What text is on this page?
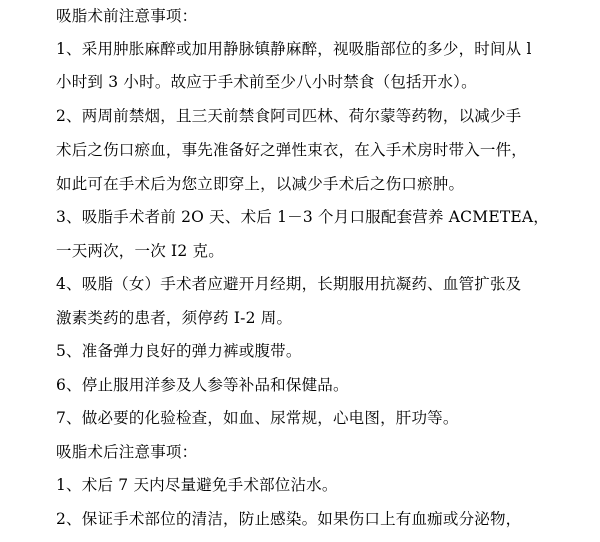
吸脂术前注意事项：
1、采用肿胀麻醉或加用静脉镇静麻醉，视吸脂部位的多少，时间从 l
小时到 3 小时。故应于手术前至少八小时禁食（包括开水）。
2、两周前禁烟，且三天前禁食阿司匹林、荷尔蒙等药物，以减少手
术后之伤口瘀血，事先准备好之弹性束衣，在入手术房时带入一件，
如此可在手术后为您立即穿上，以减少手术后之伤口瘀肿。
3、吸脂手术者前 2O 天、术后 1－3 个月口服配套营养 ACMETEA，
一天两次，一次 I2 克。
4、吸脂（女）手术者应避开月经期，长期服用抗凝药、血管扩张及
激素类药的患者，须停药 I-2 周。
5、准备弹力良好的弹力裤或腹带。
6、停止服用洋参及人参等补品和保健品。
7、做必要的化验检查，如血、尿常规，心电图，肝功等。
吸脂术后注意事项：
1、术后 7 天内尽量避免手术部位沾水。
2、保证手术部位的清洁，防止感染。如果伤口上有血痂或分泌物，
